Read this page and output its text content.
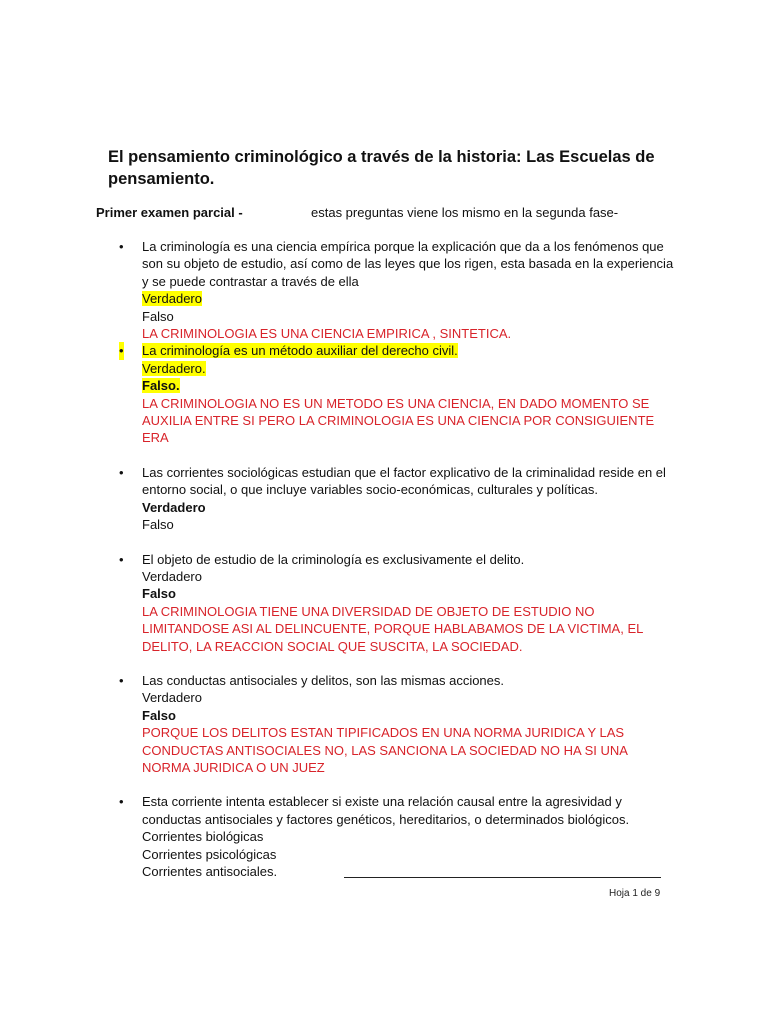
El pensamiento criminológico a través de la historia: Las Escuelas de pensamiento.
Primer examen parcial -	estas preguntas viene los mismo en la segunda fase-
• La criminología es una ciencia empírica porque la explicación que da a los fenómenos que son su objeto de estudio, así como de las leyes que los rigen, esta basada en la experiencia y se puede contrastar a través de ella
Verdadero
Falso
LA CRIMINOLOGIA ES UNA CIENCIA EMPIRICA , SINTETICA.
• La criminología es un método auxiliar del derecho civil.
Verdadero.
Falso.
LA CRIMINOLOGIA NO ES UN METODO ES UNA CIENCIA, EN DADO MOMENTO SE AUXILIA ENTRE SI PERO LA CRIMINOLOGIA ES UNA CIENCIA POR CONSIGUIENTE ERA
• Las corrientes sociológicas estudian que el factor explicativo de la criminalidad reside en el entorno social, o que incluye variables socio-económicas, culturales y políticas.
Verdadero
Falso
• El objeto de estudio de la criminología es exclusivamente el delito.
Verdadero
Falso
LA CRIMINOLOGIA TIENE UNA DIVERSIDAD DE OBJETO DE ESTUDIO NO LIMITANDOSE ASI AL DELINCUENTE, PORQUE HABLABAMOS DE LA VICTIMA, EL DELITO, LA REACCION SOCIAL QUE SUSCITA, LA SOCIEDAD.
• Las conductas antisociales y delitos, son las mismas acciones.
Verdadero
Falso
PORQUE LOS DELITOS ESTAN TIPIFICADOS EN UNA NORMA JURIDICA Y LAS CONDUCTAS ANTISOCIALES NO, LAS SANCIONA LA SOCIEDAD NO HA SI UNA NORMA JURIDICA O UN JUEZ
• Esta corriente intenta establecer si existe una relación causal entre la agresividad y conductas antisociales y factores genéticos, hereditarios, o determinados biológicos.
Corrientes biológicas
Corrientes psicológicas
Corrientes antisociales.
Hoja 1 de 9
